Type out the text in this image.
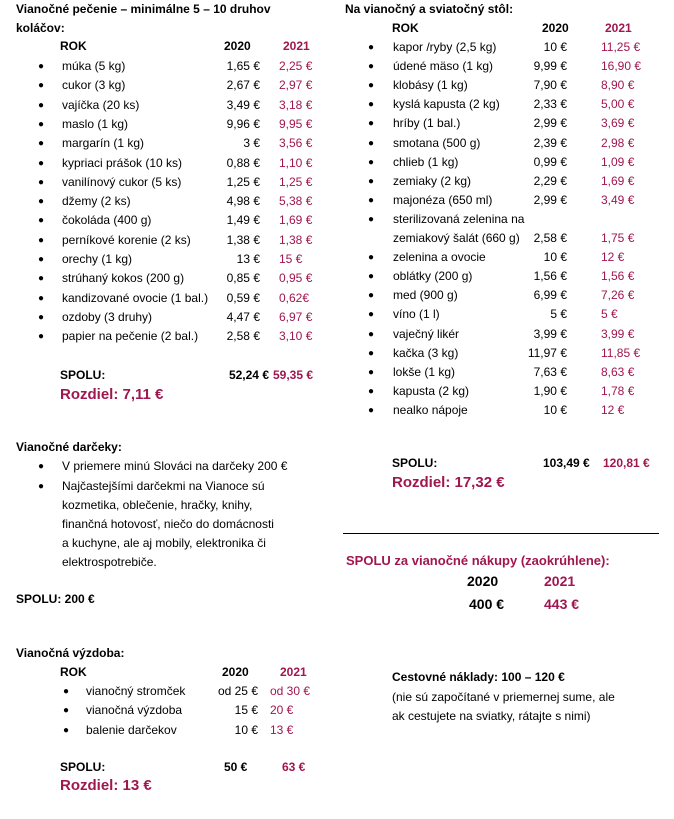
Vianočné pečenie – minimálne 5 – 10 druhov
koláčov:
ROK	2020	2021
● múka (5 kg)	1,65 € 2,25 €
● cukor (3 kg)	2,67 € 2,97 €
● vajíčka (20 ks)	3,49 € 3,18 €
● maslo (1 kg)	9,96 € 9,95 €
● margarín (1 kg)	3 € 3,56 €
● kypriaci prášok (10 ks)	0,88 € 1,10 €
● vanilínový cukor (5 ks)	1,25 € 1,25 €
● džemy (2 ks)	4,98 € 5,38 €
● čokoláda (400 g)	1,49 € 1,69 €
● perníkové korenie (2 ks)	1,38 € 1,38 €
● orechy (1 kg)	13 € 15 €
● strúhaný kokos (200 g)	0,85 € 0,95 €
● kandizované ovocie (1 bal.)	0,59 € 0,62€
● ozdoby (3 druhy)	4,47 € 6,97 €
● papier na pečenie (2 bal.)	2,58 € 3,10 €
SPOLU:	52,24 € 59,35 €
Rozdiel: 7,11 €
Vianočné darčeky:
● V priemere minú Slováci na darčeky 200 €
● Najčastejšími darčekmi na Vianoce sú
kozmetika, oblečenie, hračky, knihy,
finančná hotovosť, niečo do domácnosti
a kuchyne, ale aj mobily, elektronika či
elektrospotrebiče.
SPOLU: 200 €
Vianočná výzdoba:
ROK	2020	2021
● vianočný stromček	od 25 € od 30 €
● vianočná výzdoba	15 € 20 €
● balenie darčekov	10 € 13 €
SPOLU:	50 €	63 €
Rozdiel: 13 €
Na vianočný a sviatočný stôl:
ROK	2020	2021
● kapor /ryby (2,5 kg)	10 €	11,25 €
● údené mäso (1 kg)	9,99 €	16,90 €
● klobásy (1 kg)	7,90 €	8,90 €
● kyslá kapusta (2 kg)	2,33 €	5,00 €
● hríby (1 bal.)	2,99 €	3,69 €
● smotana (500 g)	2,39 €	2,98 €
● chlieb (1 kg)	0,99 €	1,09 €
● zemiaky (2 kg)	2,29 €	1,69 €
● majonéza (650 ml)	2,99 €	3,49 €
● sterilizovaná zelenina na
zemiakový šalát (660 g)	2,58 €	1,75 €
● zelenina a ovocie	10 €	12 €
● oblátky (200 g)	1,56 €	1,56 €
● med (900 g)	6,99 €	7,26 €
● víno (1 l)	5 €	5 €
● vaječný likér	3,99 €	3,99 €
● kačka (3 kg)	11,97 €	11,85 €
● lokše (1 kg)	7,63 €	8,63 €
● kapusta (2 kg)	1,90 €	1,78 €
● nealko nápoje	10 €	12 €
SPOLU:	103,49 € 120,81 €
Rozdiel: 17,32 €
SPOLU za vianočné nákupy (zaokrúhlene):
2020	2021
400 €	443 €
Cestovné náklady: 100 – 120 €
(nie sú započítané v priemernej sume, ale
ak cestujete na sviatky, rátajte s nimi)
